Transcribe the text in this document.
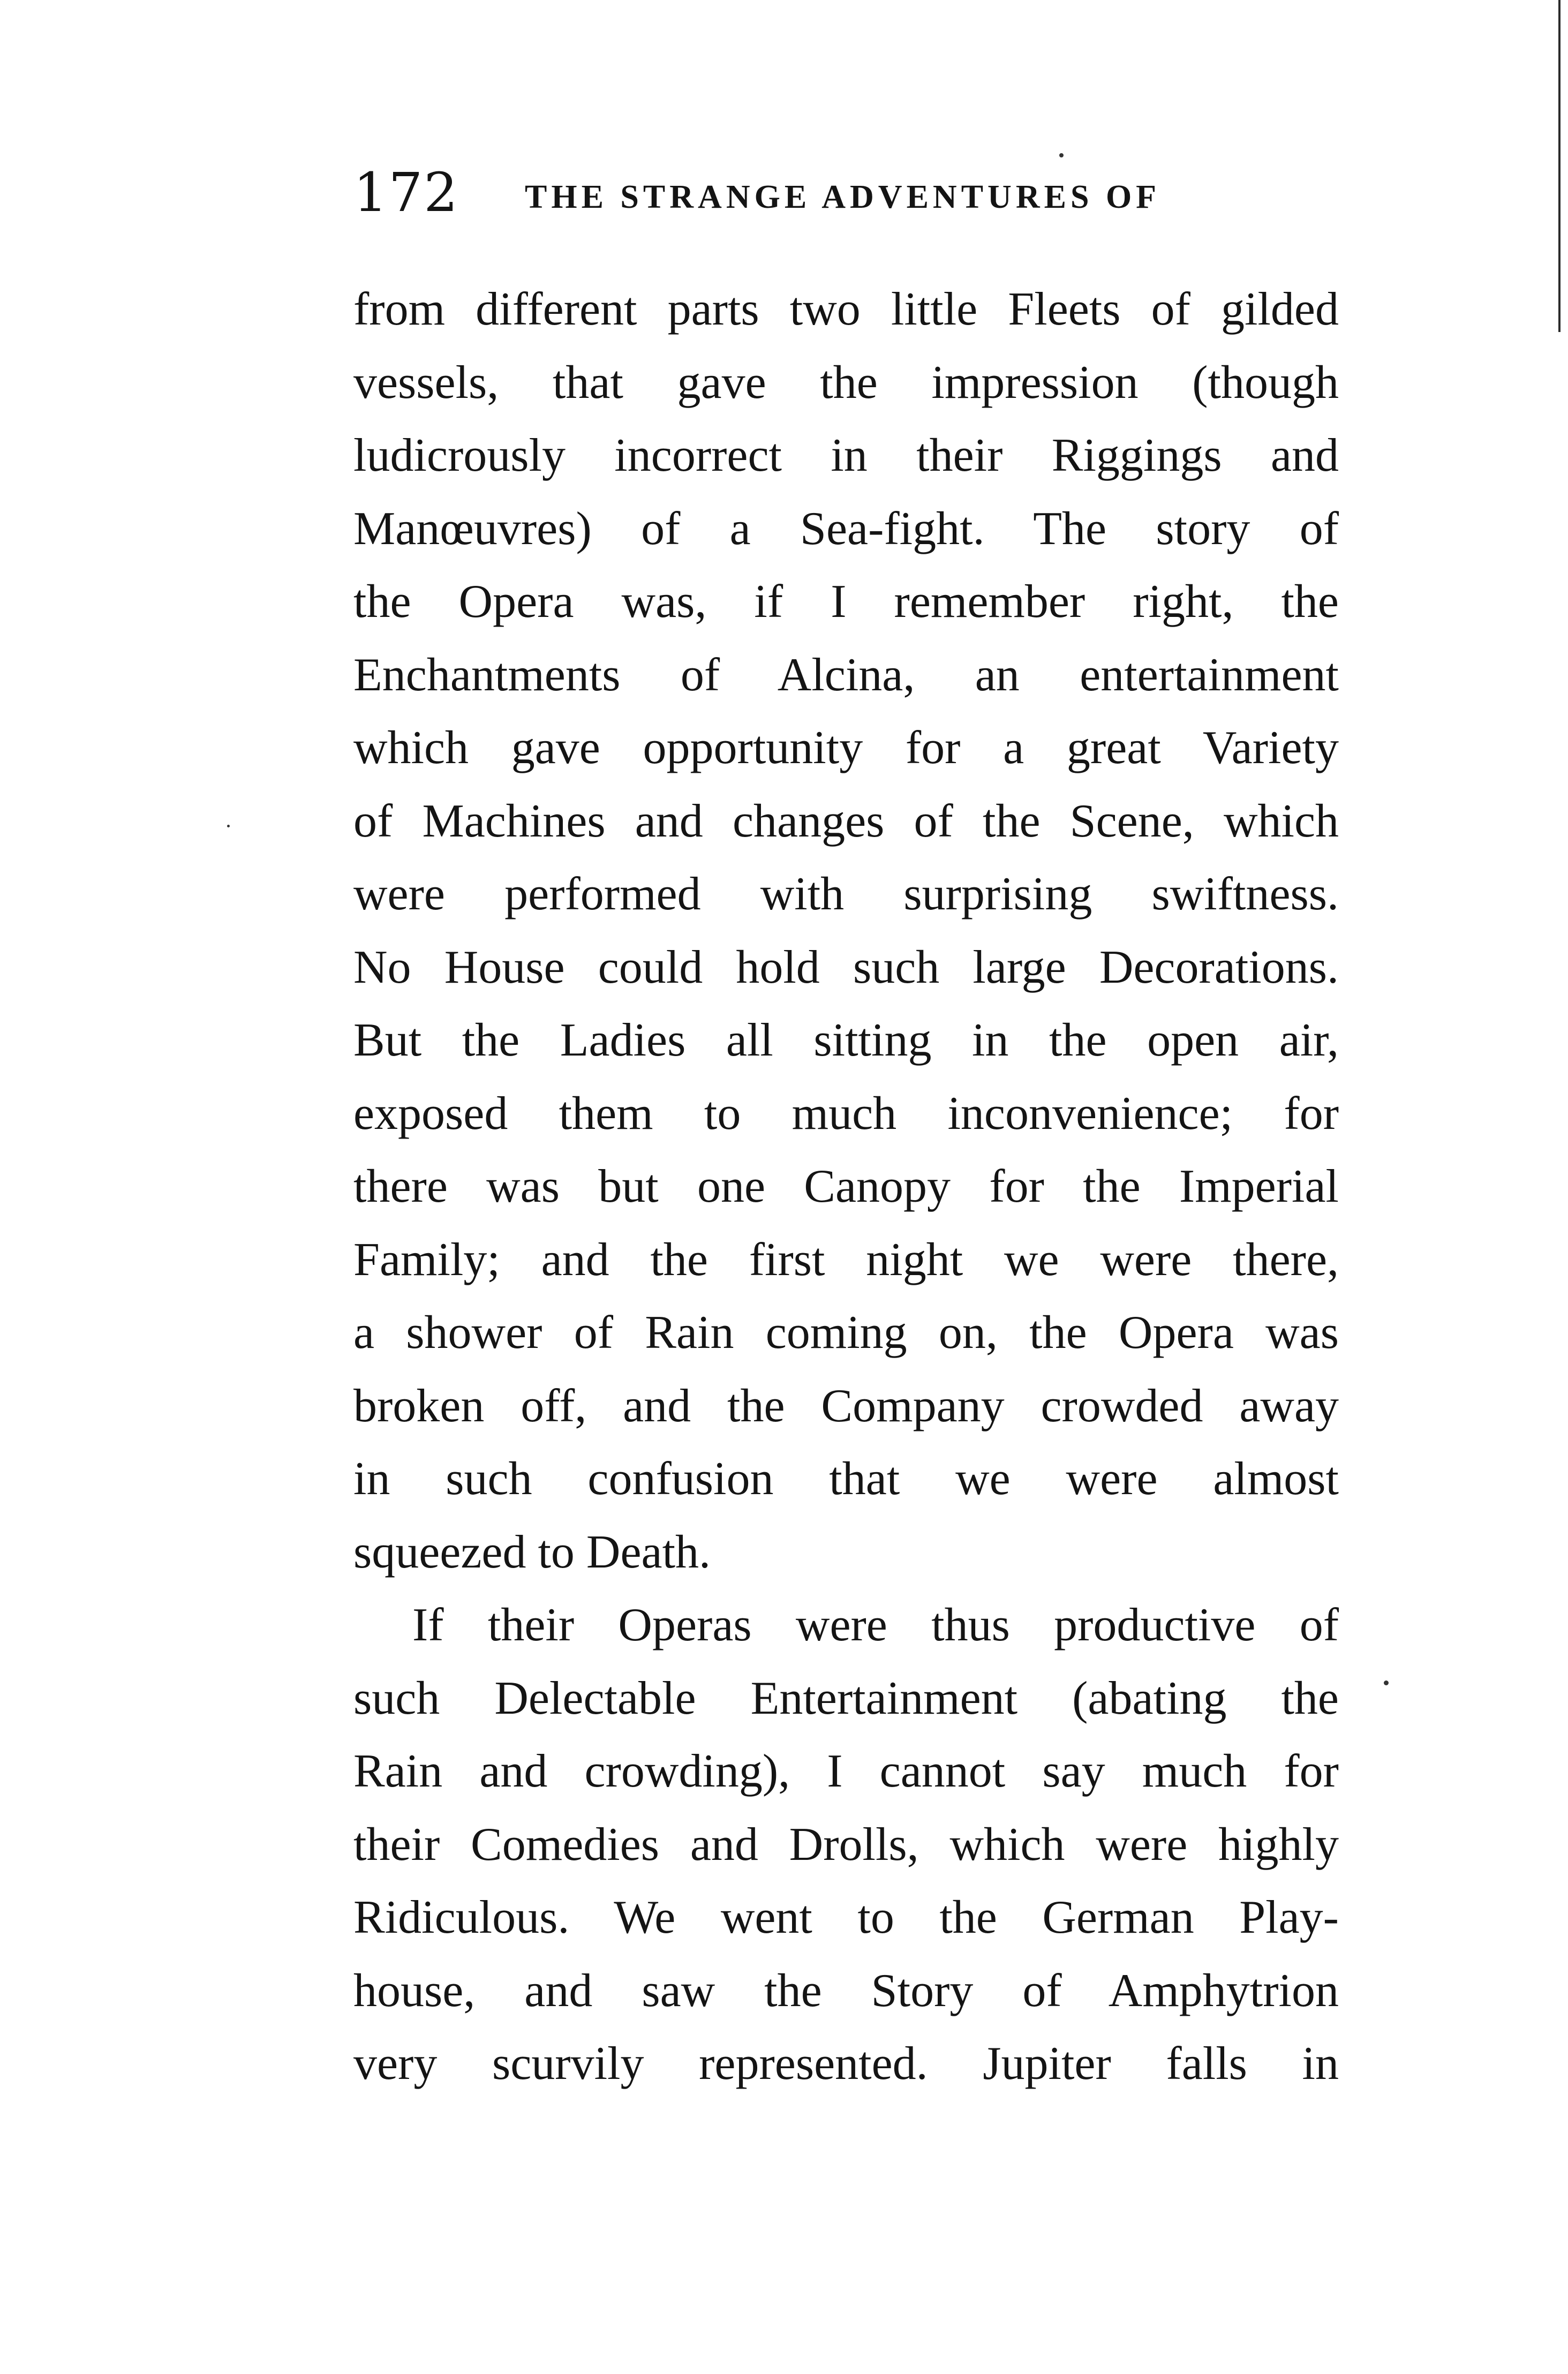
172 THE STRANGE ADVENTURES OF
from different parts two little Fleets of gilded
vessels, that gave the impression (though
ludicrously incorrect in their Riggings and
Manœuvres) of a Sea-fight. The story of
the Opera was, if I remember right, the
Enchantments of Alcina, an entertainment
which gave opportunity for a great Variety
of Machines and changes of the Scene, which
were performed with surprising swiftness.
No House could hold such large Decorations.
But the Ladies all sitting in the open air,
exposed them to much inconvenience; for
there was but one Canopy for the Imperial
Family; and the first night we were there,
a shower of Rain coming on, the Opera was
broken off, and the Company crowded away
in such confusion that we were almost
squeezed to Death.
If their Operas were thus productive of
such Delectable Entertainment (abating the
Rain and crowding), I cannot say much for
their Comedies and Drolls, which were highly
Ridiculous. We went to the German Play-
house, and saw the Story of Amphytrion
very scurvily represented. Jupiter falls in
